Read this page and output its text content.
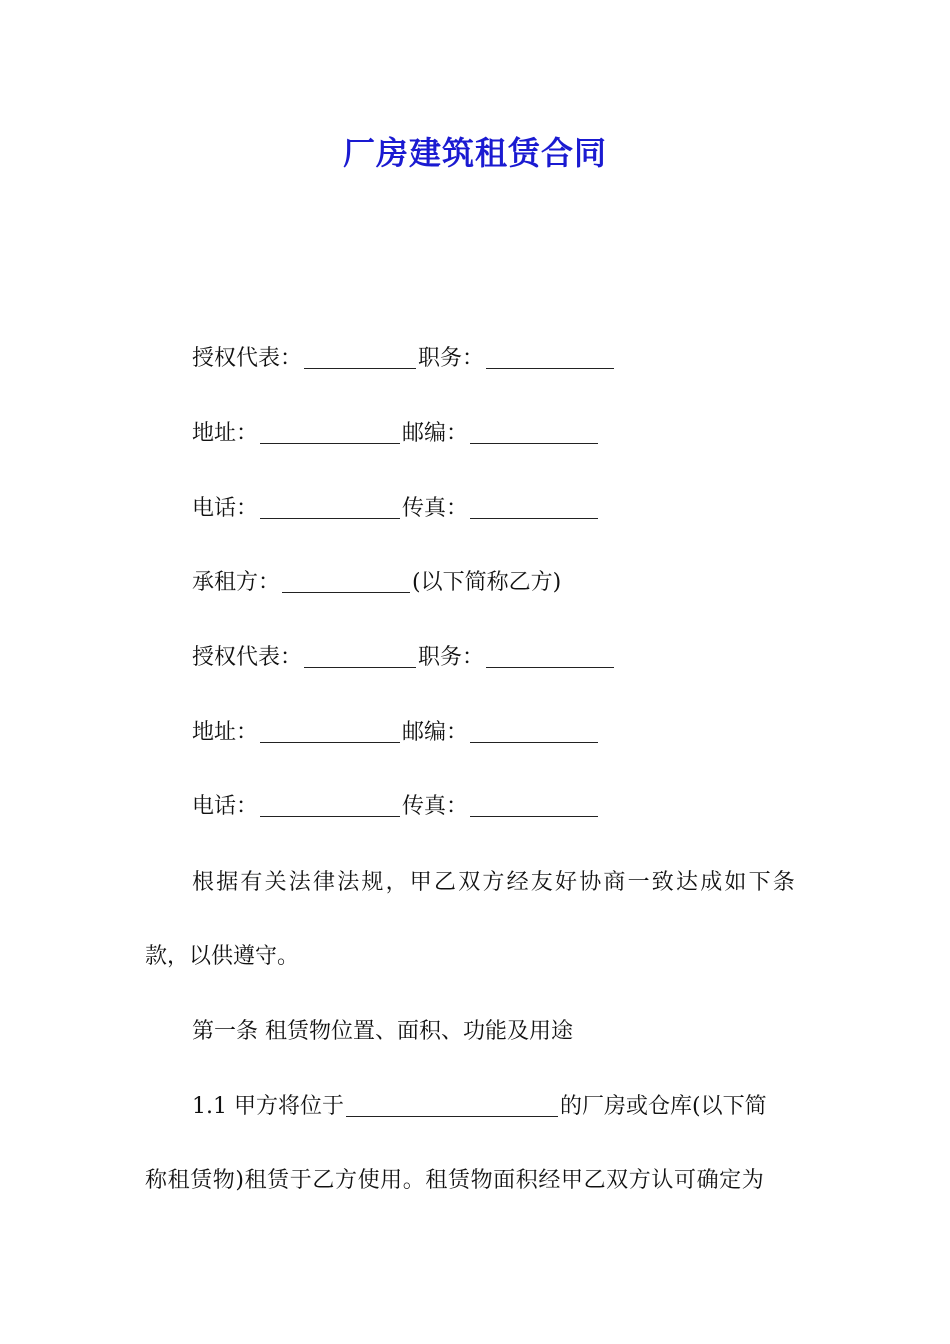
厂房建筑租赁合同
授权代表：	职务：
地址：	邮编：
电话：	传真：
承租方：	(以下简称乙方)
授权代表：	职务：
地址：	邮编：
电话：	传真：
根据有关法律法规，甲乙双方经友好协商一致达成如下条
款，以供遵守。
第一条 租赁物位置、面积、功能及用途
1.1 甲方将位于	的厂房或仓库(以下简
称租赁物)租赁于乙方使用。租赁物面积经甲乙双方认可确定为
